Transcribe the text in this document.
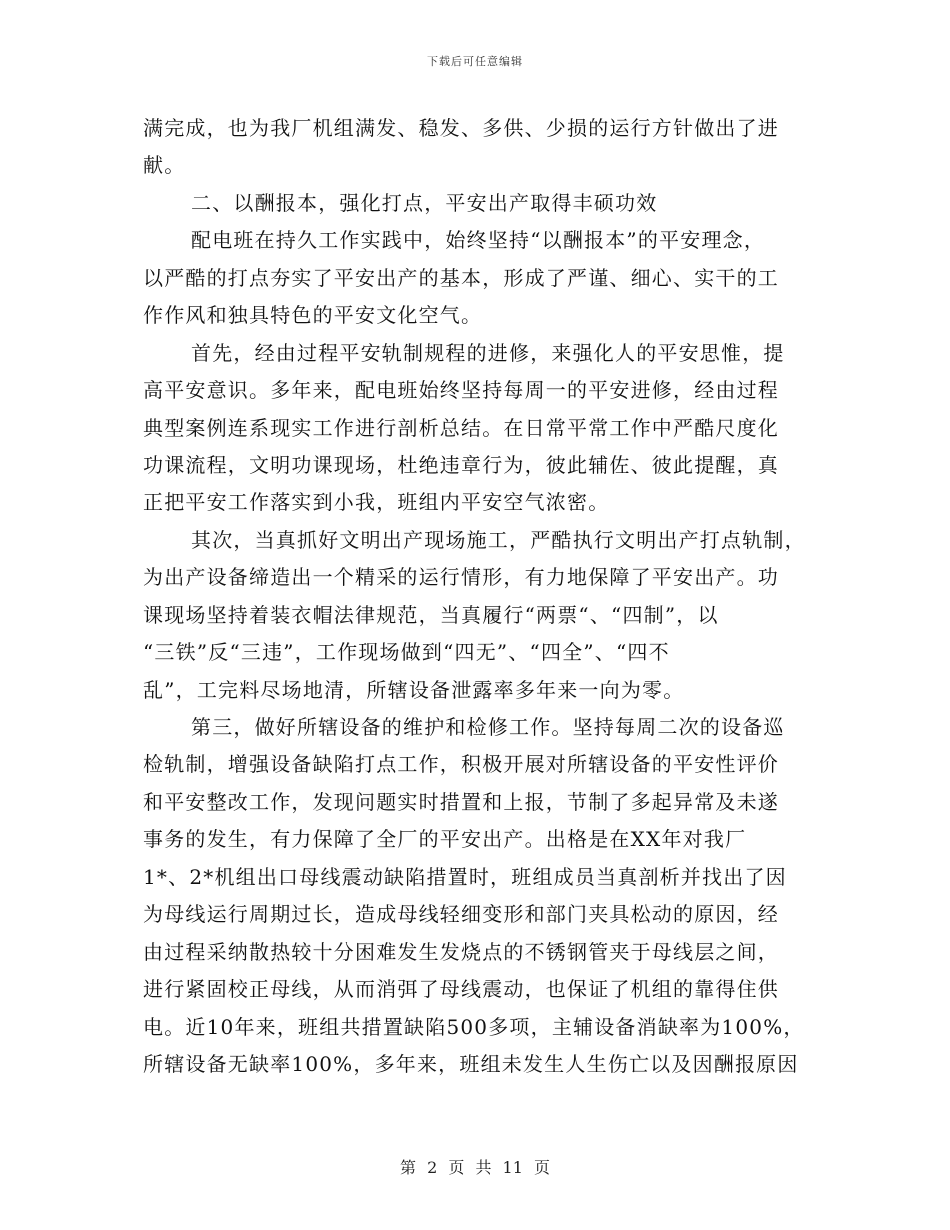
下载后可任意编辑
满完成，也为我厂机组满发、稳发、多供、少损的运行方针做出了进
献。
二、以酬报本，强化打点，平安出产取得丰硕功效
配电班在持久工作实践中，始终坚持“以酬报本”的平安理念，
以严酷的打点夯实了平安出产的基本，形成了严谨、细心、实干的工
作作风和独具特色的平安文化空气。
首先，经由过程平安轨制规程的进修，来强化人的平安思惟，提
高平安意识。多年来，配电班始终坚持每周一的平安进修，经由过程
典型案例连系现实工作进行剖析总结。在日常平常工作中严酷尺度化
功课流程，文明功课现场，杜绝违章行为，彼此辅佐、彼此提醒，真
正把平安工作落实到小我，班组内平安空气浓密。
其次，当真抓好文明出产现场施工，严酷执行文明出产打点轨制，
为出产设备缔造出一个精采的运行情形，有力地保障了平安出产。功
课现场坚持着装衣帽法律规范，当真履行“两票“、“四制”，以
“三铁”反“三违”，工作现场做到“四无”、“四全”、“四不
乱”，工完料尽场地清，所辖设备泄露率多年来一向为零。
第三，做好所辖设备的维护和检修工作。坚持每周二次的设备巡
检轨制，增强设备缺陷打点工作，积极开展对所辖设备的平安性评价
和平安整改工作，发现问题实时措置和上报，节制了多起异常及未遂
事务的发生，有力保障了全厂的平安出产。出格是在XX年对我厂
1*、2*机组出口母线震动缺陷措置时，班组成员当真剖析并找出了因
为母线运行周期过长，造成母线轻细变形和部门夹具松动的原因，经
由过程采纳散热较十分困难发生发烧点的不锈钢管夹于母线层之间，
进行紧固校正母线，从而消弭了母线震动，也保证了机组的靠得住供
电。近10年来，班组共措置缺陷500多项，主辅设备消缺率为100%，
所辖设备无缺率100%，多年来，班组未发生人生伤亡以及因酬报原因
第 2 页 共 11 页
